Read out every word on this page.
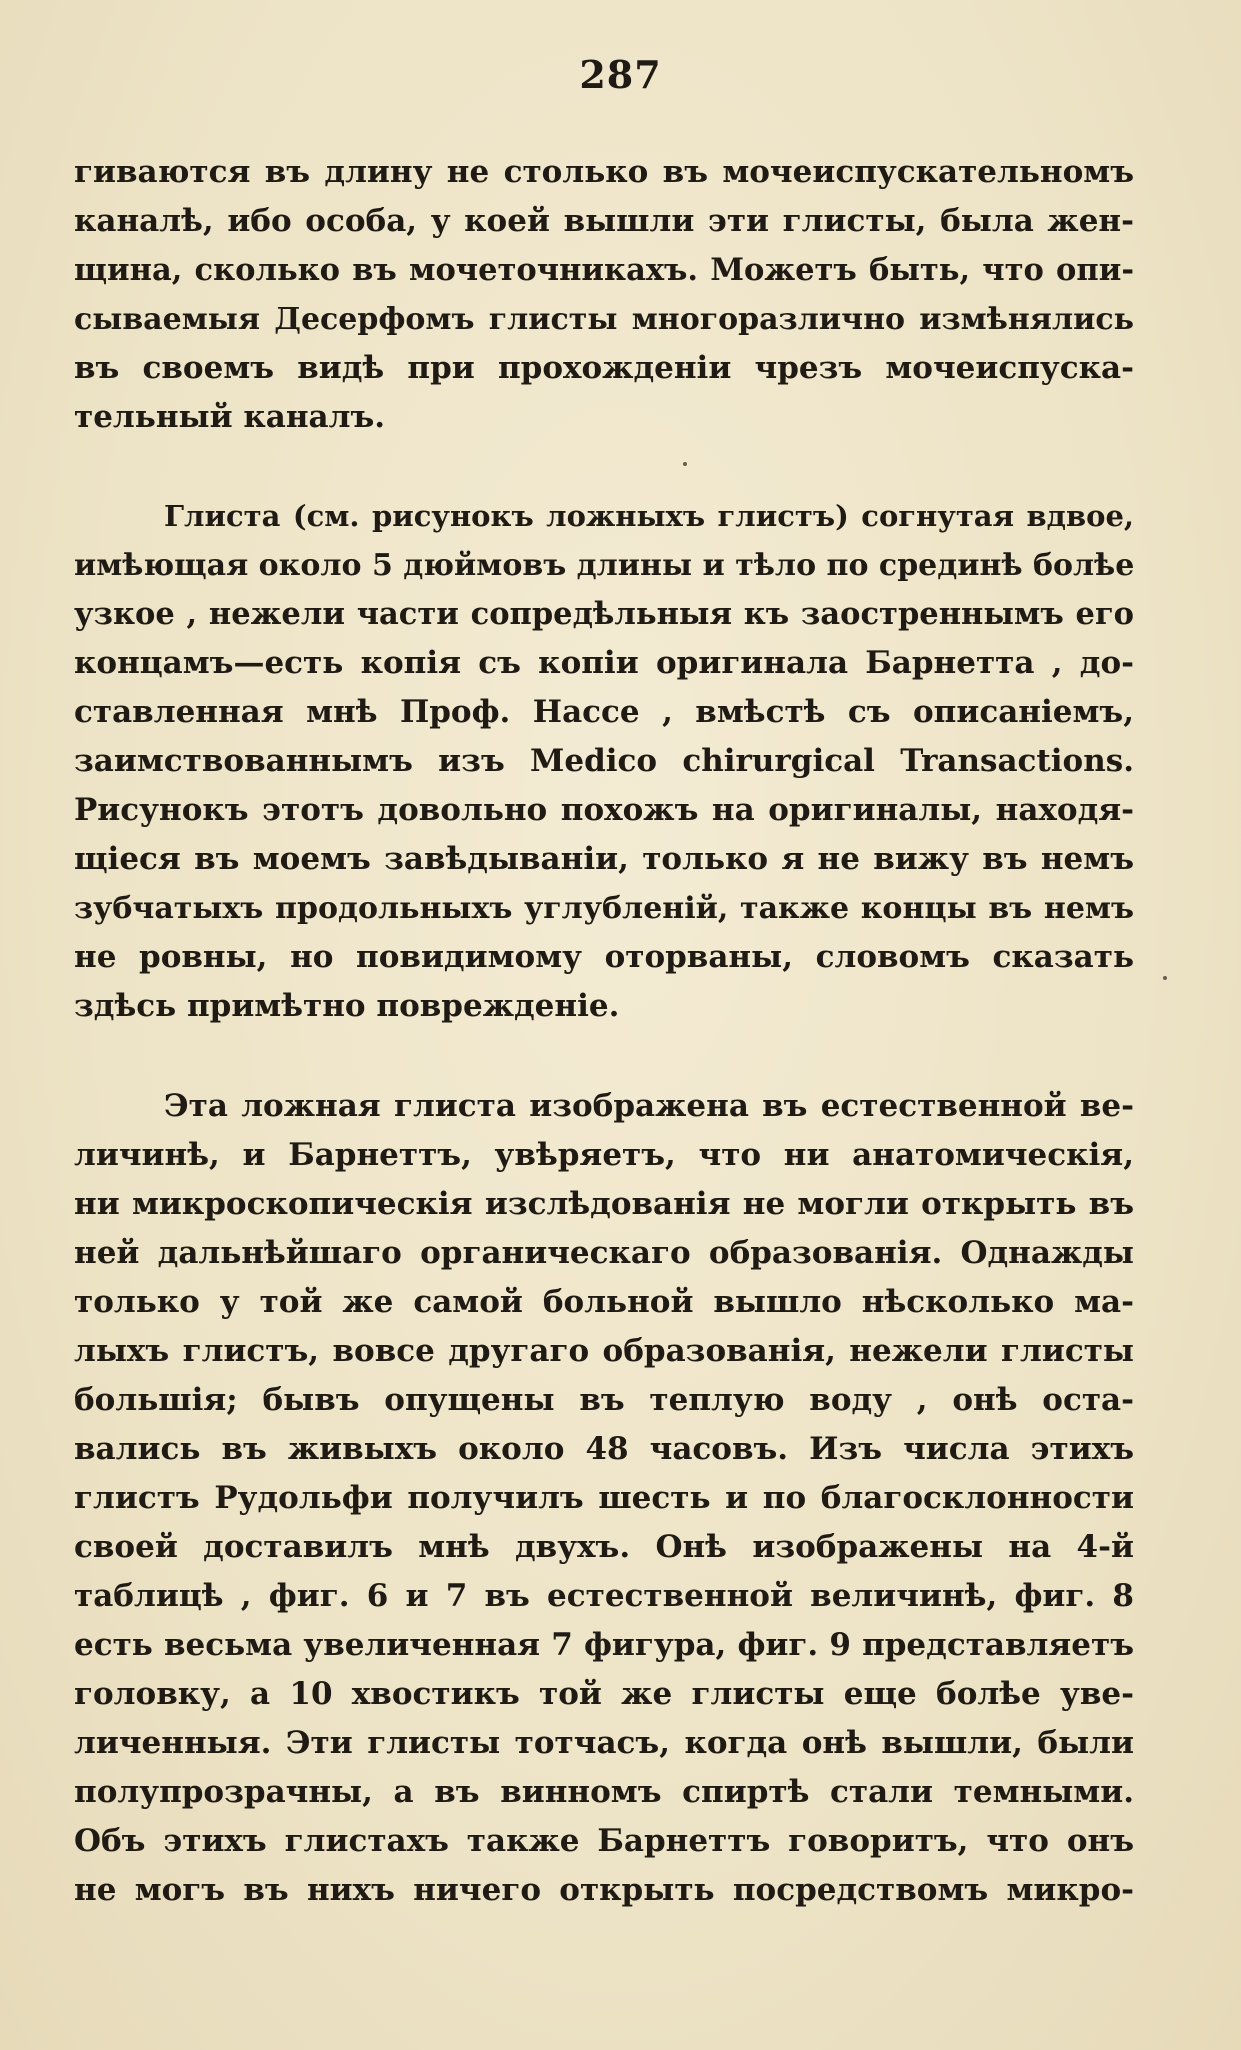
287
гиваются въ длину не столько въ мочеиспускательномъ
каналѣ, ибо особа, у коей вышли эти глисты, была жен-
щина, сколько въ мочеточникахъ. Можетъ быть, что опи-
сываемыя Десерфомъ глисты многоразлично измѣнялись
въ своемъ видѣ при прохожденіи чрезъ мочеиспуска-
тельный каналъ.
Глиста (см. рисунокъ ложныхъ глистъ) согнутая вдвое,
имѣющая около 5 дюймовъ длины и тѣло по срединѣ болѣе
узкое , нежели части сопредѣльныя къ заостреннымъ его
концамъ—есть копія съ копіи оригинала Барнетта , до-
ставленная мнѣ Проф. Нассе , вмѣстѣ съ описаніемъ,
заимствованнымъ изъ Medico chirurgical Transactions.
Рисунокъ этотъ довольно похожъ на оригиналы, находя-
щіеся въ моемъ завѣдываніи, только я не вижу въ немъ
зубчатыхъ продольныхъ углубленій, также концы въ немъ
не ровны, но повидимому оторваны, словомъ сказать
здѣсь примѣтно поврежденіе.
Эта ложная глиста изображена въ естественной ве-
личинѣ, и Барнеттъ, увѣряетъ, что ни анатомическія,
ни микроскопическія изслѣдованія не могли открыть въ
ней дальнѣйшаго органическаго образованія. Однажды
только у той же самой больной вышло нѣсколько ма-
лыхъ глистъ, вовсе другаго образованія, нежели глисты
большія; бывъ опущены въ теплую воду , онѣ оста-
вались въ живыхъ около 48 часовъ. Изъ числа этихъ
глистъ Рудольфи получилъ шесть и по благосклонности
своей доставилъ мнѣ двухъ. Онѣ изображены на 4-й
таблицѣ , фиг. 6 и 7 въ естественной величинѣ, фиг. 8
есть весьма увеличенная 7 фигура, фиг. 9 представляетъ
головку, а 10 хвостикъ той же глисты еще болѣе уве-
личенныя. Эти глисты тотчасъ, когда онѣ вышли, были
полупрозрачны, а въ винномъ спиртѣ стали темными.
Объ этихъ глистахъ также Барнеттъ говоритъ, что онъ
не могъ въ нихъ ничего открыть посредствомъ микро-
